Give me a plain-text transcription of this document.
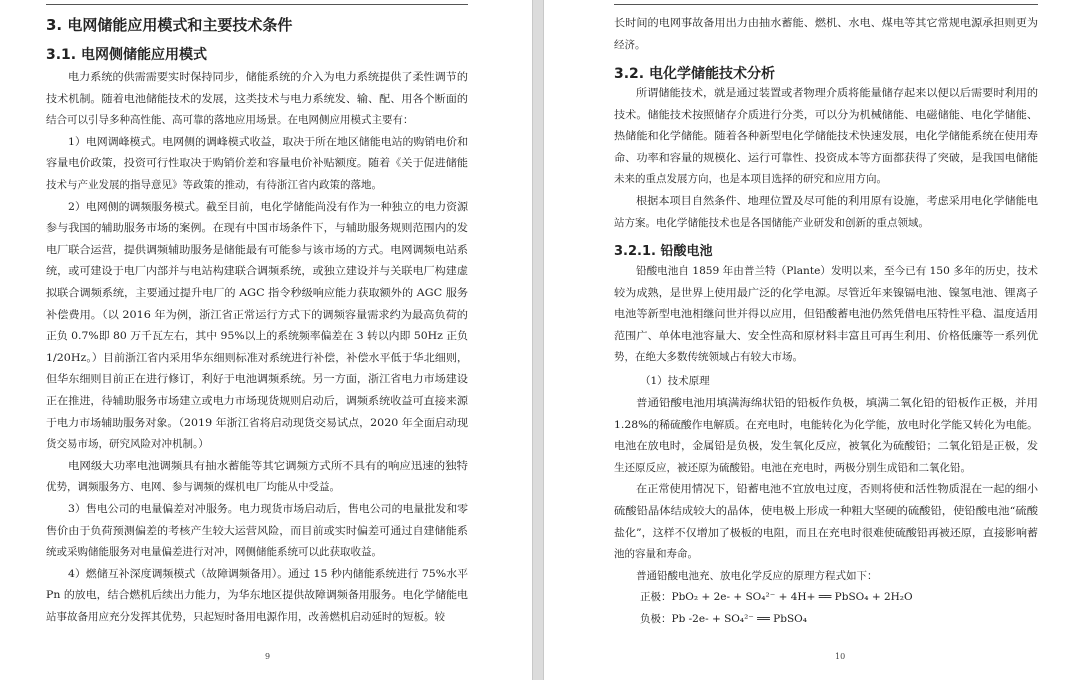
3. 电网储能应用模式和主要技术条件
3.1. 电网侧储能应用模式
电力系统的供需需要实时保持同步，储能系统的介入为电力系统提供了柔性调节的
技术机制。随着电池储能技术的发展，这类技术与电力系统发、输、配、用各个断面的
结合可以引导多种高性能、高可靠的落地应用场景。在电网侧应用模式主要有：
1）电网调峰模式。电网侧的调峰模式收益，取决于所在地区储能电站的购销电价和
容量电价政策，投资可行性取决于购销价差和容量电价补贴额度。随着《关于促进储能
技术与产业发展的指导意见》等政策的推动，有待浙江省内政策的落地。
2）电网侧的调频服务模式。截至目前，电化学储能尚没有作为一种独立的电力资源
参与我国的辅助服务市场的案例。在现有中国市场条件下，与辅助服务规则范围内的发
电厂联合运营，提供调频辅助服务是储能最有可能参与该市场的方式。电网调频电站系
统，或可建设于电厂内部并与电站构建联合调频系统，或独立建设并与关联电厂构建虚
拟联合调频系统，主要通过提升电厂的 AGC 指令秒级响应能力获取额外的 AGC 服务
补偿费用。（以 2016 年为例，浙江省正常运行方式下的调频容量需求约为最高负荷的
正负 0.7%即 80 万千瓦左右，其中 95%以上的系统频率偏差在 3 转以内即 50Hz 正负
1/20Hz。）目前浙江省内采用华东细则标准对系统进行补偿，补偿水平低于华北细则，
但华东细则目前正在进行修订，利好于电池调频系统。另一方面，浙江省电力市场建设
正在推进，待辅助服务市场建立或电力市场现货规则启动后，调频系统收益可直接来源
于电力市场辅助服务对象。（2019 年浙江省将启动现货交易试点，2020 年全面启动现
货交易市场，研究风险对冲机制。）
电网级大功率电池调频具有抽水蓄能等其它调频方式所不具有的响应迅速的独特
优势，调频服务方、电网、参与调频的煤机电厂均能从中受益。
3）售电公司的电量偏差对冲服务。电力现货市场启动后，售电公司的电量批发和零
售价由于负荷预测偏差的考核产生较大运营风险，而目前或实时偏差可通过自建储能系
统或采购储能服务对电量偏差进行对冲，网侧储能系统可以此获取收益。
4）燃储互补深度调频模式（故障调频备用）。通过 15 秒内储能系统进行 75%水平
Pn 的放电，结合燃机后续出力能力，为华东地区提供故障调频备用服务。电化学储能电
站事故备用应充分发挥其优势，只起短时备用电源作用，改善燃机启动延时的短板。较
9
长时间的电网事故备用出力由抽水蓄能、燃机、水电、煤电等其它常规电源承担则更为
经济。
3.2. 电化学储能技术分析
所谓储能技术，就是通过装置或者物理介质将能量储存起来以便以后需要时利用的
技术。储能技术按照储存介质进行分类，可以分为机械储能、电磁储能、电化学储能、
热储能和化学储能。随着各种新型电化学储能技术快速发展，电化学储能系统在使用寿
命、功率和容量的规模化、运行可靠性、投资成本等方面都获得了突破，是我国电储能
未来的重点发展方向，也是本项目选择的研究和应用方向。
根据本项目自然条件、地理位置及尽可能的利用原有设施，考虑采用电化学储能电
站方案。电化学储能技术也是各国储能产业研发和创新的重点领域。
3.2.1. 铅酸电池
铅酸电池自 1859 年由普兰特（Plante）发明以来，至今已有 150 多年的历史，技术
较为成熟，是世界上使用最广泛的化学电源。尽管近年来镍镉电池、镍氢电池、锂离子
电池等新型电池相继问世并得以应用，但铅酸蓄电池仍然凭借电压特性平稳、温度适用
范围广、单体电池容量大、安全性高和原材料丰富且可再生利用、价格低廉等一系列优
势，在绝大多数传统领域占有较大市场。
（1）技术原理
普通铅酸电池用填满海绵状铅的铅板作负极，填满二氧化铅的铅板作正极，并用
1.28%的稀硫酸作电解质。在充电时，电能转化为化学能，放电时化学能又转化为电能。
电池在放电时，金属铅是负极，发生氧化反应，被氧化为硫酸铅；二氧化铅是正极，发
生还原反应，被还原为硫酸铅。电池在充电时，两极分别生成铅和二氧化铅。
在正常使用情况下，铅蓄电池不宜放电过度，否则将使和活性物质混在一起的细小
硫酸铅晶体结成较大的晶体，使电极上形成一种粗大坚硬的硫酸铅，使铅酸电池“硫酸
盐化”，这样不仅增加了极板的电阻，而且在充电时很难使硫酸铅再被还原，直接影响蓄
池的容量和寿命。
普通铅酸电池充、放电化学反应的原理方程式如下：
正极：PbO₂ + 2e- + SO₄²⁻ + 4H+ ══ PbSO₄ + 2H₂O
负极：Pb -2e- + SO₄²⁻ ══ PbSO₄
10
